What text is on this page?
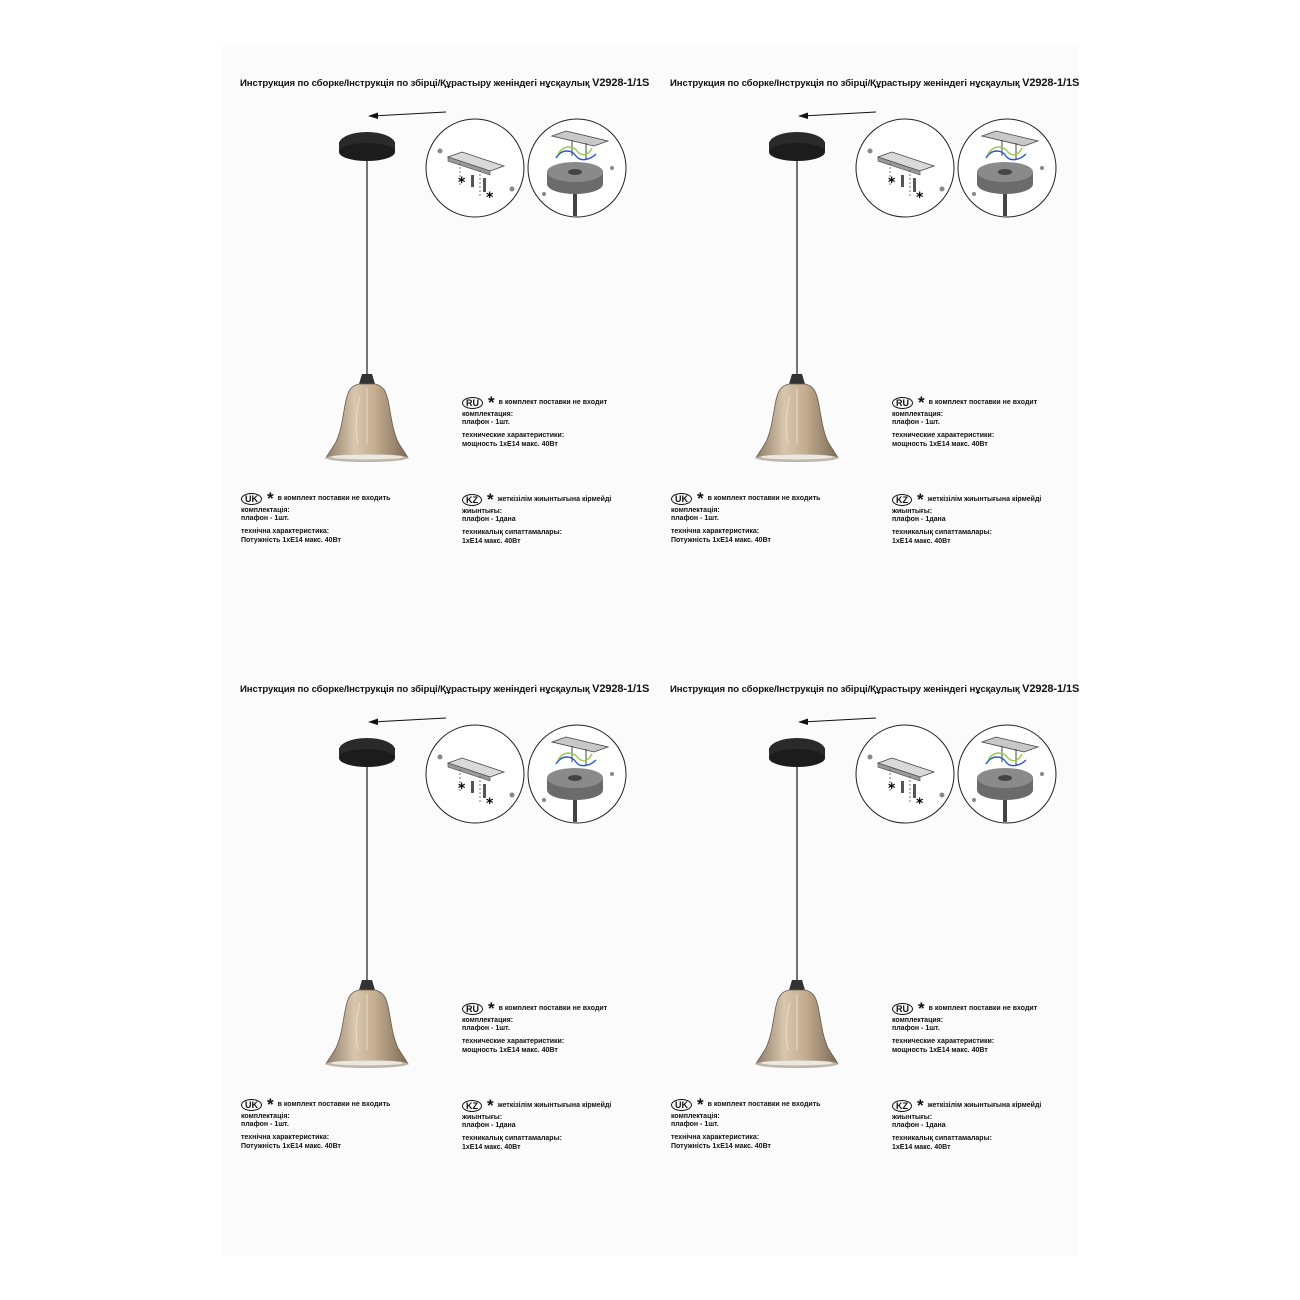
Инструкция по сборке/Інструкція по збірці/Құрастыру женіндегі нұсқаулық V2928-1/1S
*
*
RU * в комплект поставки не входит
комплектация:
плафон - 1шт.
технические характеристики:
мощность 1хЕ14 макс. 40Вт
UK * в комплект поставки не входить
комплектація:
плафон - 1шт.
технічна характеристика:
Потужність 1хЕ14 макс. 40Вт
KZ * жеткізілім жиынтығына кірмейді
жиынтығы:
плафон - 1дана
техникалық сипаттамалары:
1хЕ14 макс. 40Вт
Инструкция по сборке/Інструкція по збірці/Құрастыру женіндегі нұсқаулық V2928-1/1S
*
*
RU * в комплект поставки не входит
комплектация:
плафон - 1шт.
технические характеристики:
мощность 1хЕ14 макс. 40Вт
UK * в комплект поставки не входить
комплектація:
плафон - 1шт.
технічна характеристика:
Потужність 1хЕ14 макс. 40Вт
KZ * жеткізілім жиынтығына кірмейді
жиынтығы:
плафон - 1дана
техникалық сипаттамалары:
1хЕ14 макс. 40Вт
Инструкция по сборке/Інструкція по збірці/Құрастыру женіндегі нұсқаулық V2928-1/1S
*
*
RU * в комплект поставки не входит
комплектация:
плафон - 1шт.
технические характеристики:
мощность 1хЕ14 макс. 40Вт
UK * в комплект поставки не входить
комплектація:
плафон - 1шт.
технічна характеристика:
Потужність 1хЕ14 макс. 40Вт
KZ * жеткізілім жиынтығына кірмейді
жиынтығы:
плафон - 1дана
техникалық сипаттамалары:
1хЕ14 макс. 40Вт
Инструкция по сборке/Інструкція по збірці/Құрастыру женіндегі нұсқаулық V2928-1/1S
*
*
RU * в комплект поставки не входит
комплектация:
плафон - 1шт.
технические характеристики:
мощность 1хЕ14 макс. 40Вт
UK * в комплект поставки не входить
комплектація:
плафон - 1шт.
технічна характеристика:
Потужність 1хЕ14 макс. 40Вт
KZ * жеткізілім жиынтығына кірмейді
жиынтығы:
плафон - 1дана
техникалық сипаттамалары:
1хЕ14 макс. 40Вт
